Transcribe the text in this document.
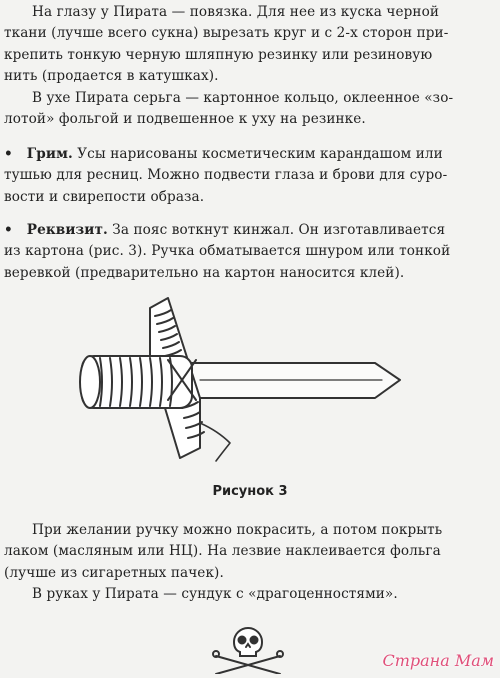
На глазу у Пирата — повязка. Для нее из куска черной
ткани (лучше всего сукна) вырезать круг и с 2-х сторон при-
крепить тонкую черную шляпную резинку или резиновую
нить (продается в катушках).
В ухе Пирата серьга — картонное кольцо, оклеенное «зо-
лотой» фольгой и подвешенное к уху на резинке.
• Грим. Усы нарисованы косметическим карандашом или
тушью для ресниц. Можно подвести глаза и брови для суро-
вости и свирепости образа.
• Реквизит. За пояс воткнут кинжал. Он изготавливается
из картона (рис. 3). Ручка обматывается шнуром или тонкой
веревкой (предварительно на картон наносится клей).
Рисунок 3
При желании ручку можно покрасить, а потом покрыть
лаком (масляным или НЦ). На лезвие наклеивается фольга
(лучше из сигаретных пачек).
В руках у Пирата — сундук с «драгоценностями».
Страна Мам
